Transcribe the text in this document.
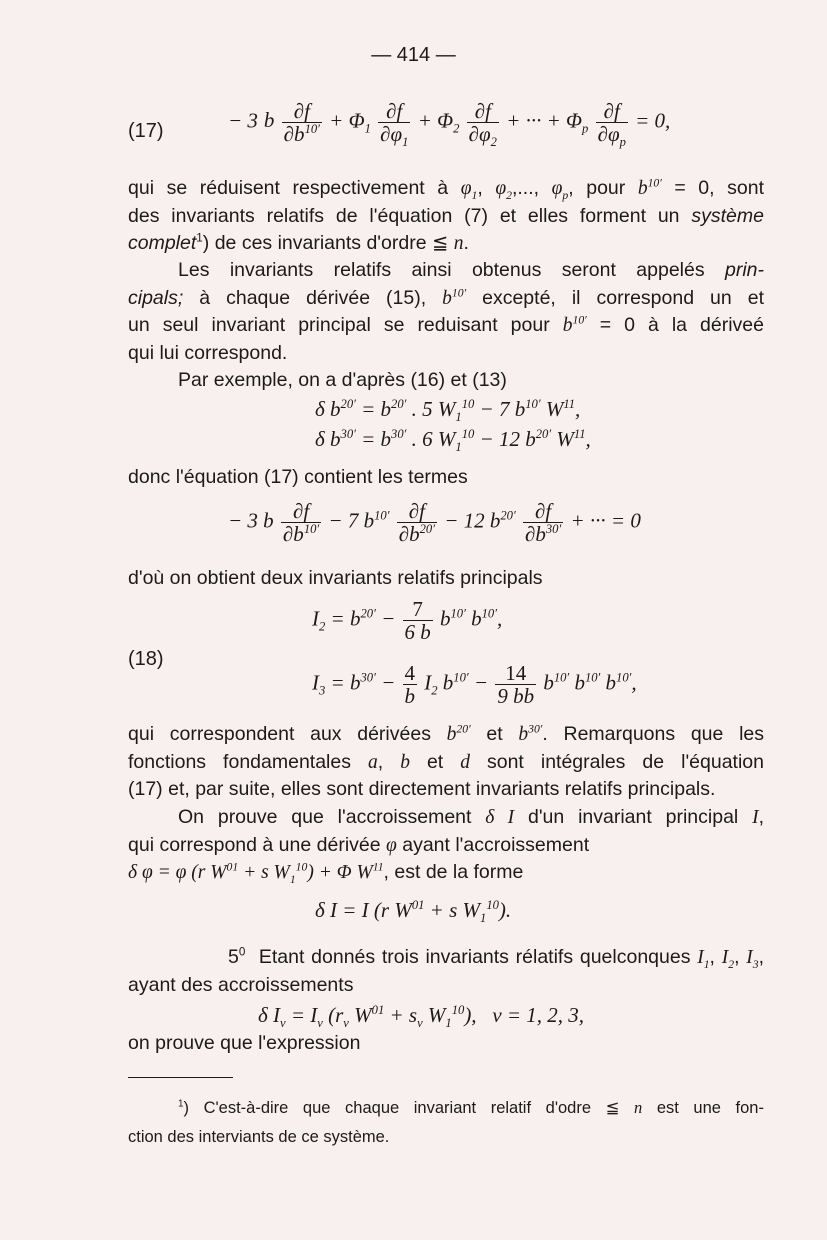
— 414 —
(17)	− 3 b $\frac{\partial f}{\partial b^{10'}} + \Phi_1 \frac{\partial f}{\partial\varphi_1} + \Phi_2 \frac{\partial f}{\partial\varphi_2}$ + ··· + $\Phi_p \frac{\partial f}{\partial\varphi_p} = 0$,
qui se réduisent respectivement à $\varphi_1$, $\varphi_2$,..., $\varphi_p$, pour $b^{10'} = 0$, sont
des invariants relatifs de l'équation (7) et elles forment un système
complet$^1$) de ces invariants d'ordre ≦ n.
Les invariants relatifs ainsi obtenus seront appelés prin-
cipals; à chaque dérivée (15), $b^{10'}$ excepté, il correspond un et
un seul invariant principal se reduisant pour $b^{10'} = 0$ à la dériveé
qui lui correspond.
Par exemple, on a d'après (16) et (13)
δ $b^{20'} = b^{20'}$ . 5 $W_1^{10} - 7$ $b^{10'}$ $W^{11}$,
δ $b^{30'} = b^{30'}$ . 6 $W_1^{10} - 12$ $b^{20'}$ $W^{11}$,
donc l'équation (17) contient les termes
− 3 b $\frac{\partial f}{\partial b^{10'}} - 7$ $b^{10'} \frac{\partial f}{\partial b^{20'}} - 12$ $b^{20'} \frac{\partial f}{\partial b^{30'}}$ + ··· = 0
d'où on obtient deux invariants relatifs principals
(18)
$I_2 = b^{20'} - \frac{7}{6 b} b^{10'}$ $b^{10'}$,
$I_3 = b^{30'} - \frac{4}{b} I_2$ $b^{10'} - \frac{14}{9 bb} b^{10'}$ $b^{10'}$ $b^{10'}$,
qui correspondent aux dérivées $b^{20'}$ et $b^{30'}$. Remarquons que les
fonctions fondamentales a, b et d sont intégrales de l'équation
(17) et, par suite, elles sont directement invariants relatifs principals.
On prouve que l'accroissement δ I d'un invariant principal I,
qui correspond à une dérivée φ ayant l'accroissement
δ φ = φ (r $W^{01} + s$ $W_1^{10}) + \Phi$ $W^{11}$, est de la forme
δ I = I (r $W^{01} + s$ $W_1^{10}$).
$5^0$  Etant donnés trois invariants rélatifs quelconques $I_1$, $I_2$, $I_3$,
ayant des accroissements
δ $I_\nu = I_\nu$ ($r_\nu$ $W^{01} + s_\nu$ $W_1^{10}$),   ν = 1, 2, 3,
on prouve que l'expression
$^1$) C'est-à-dire que chaque invariant relatif d'odre ≦ n est une fon-
ction des interviants de ce système.
